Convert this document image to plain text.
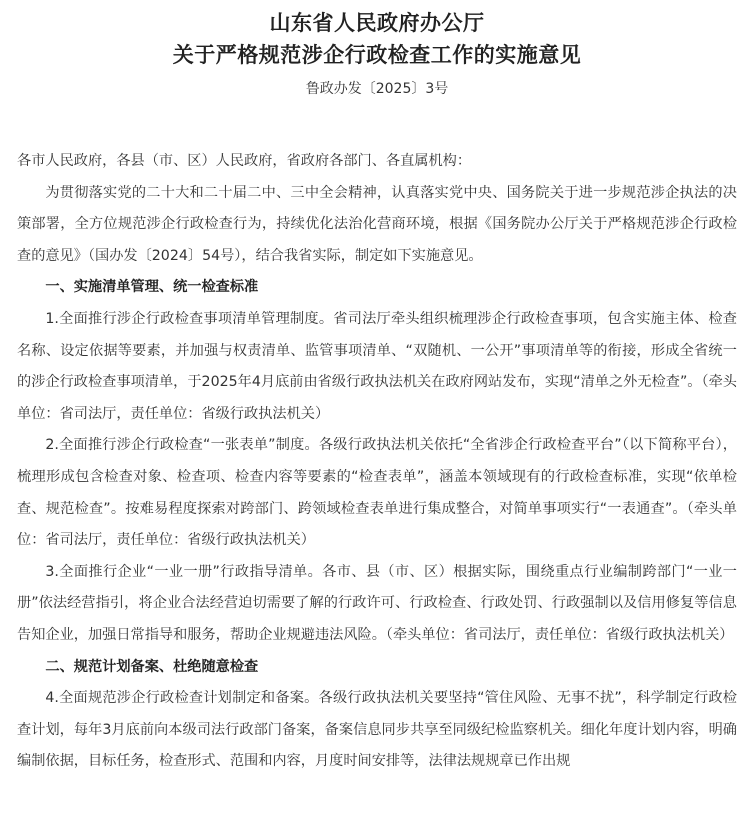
山东省人民政府办公厅
关于严格规范涉企行政检查工作的实施意见
鲁政办发〔2025〕3号

各市人民政府，各县（市、区）人民政府，省政府各部门、各直属机构：

为贯彻落实党的二十大和二十届二中、三中全会精神，认真落实党中央、国务院关于进一步规范涉企执法的决策部署，全方位规范涉企行政检查行为，持续优化法治化营商环境，根据《国务院办公厅关于严格规范涉企行政检查的意见》（国办发〔2024〕54号），结合我省实际，制定如下实施意见。

一、实施清单管理、统一检查标准

1.全面推行涉企行政检查事项清单管理制度。省司法厅牵头组织梳理涉企行政检查事项，包含实施主体、检查名称、设定依据等要素，并加强与权责清单、监管事项清单、“双随机、一公开”事项清单等的衔接，形成全省统一的涉企行政检查事项清单，于2025年4月底前由省级行政执法机关在政府网站发布，实现“清单之外无检查”。（牵头单位：省司法厅，责任单位：省级行政执法机关）

2.全面推行涉企行政检查“一张表单”制度。各级行政执法机关依托“全省涉企行政检查平台”（以下简称平台），梳理形成包含检查对象、检查项、检查内容等要素的“检查表单”，涵盖本领域现有的行政检查标准，实现“依单检查、规范检查”。按难易程度探索对跨部门、跨领域检查表单进行集成整合，对简单事项实行“一表通查”。（牵头单位：省司法厅，责任单位：省级行政执法机关）

3.全面推行企业“一业一册”行政指导清单。各市、县（市、区）根据实际，围绕重点行业编制跨部门“一业一册”依法经营指引，将企业合法经营迫切需要了解的行政许可、行政检查、行政处罚、行政强制以及信用修复等信息告知企业，加强日常指导和服务，帮助企业规避违法风险。（牵头单位：省司法厅，责任单位：省级行政执法机关）

二、规范计划备案、杜绝随意检查

4.全面规范涉企行政检查计划制定和备案。各级行政执法机关要坚持“管住风险、无事不扰”，科学制定行政检查计划，每年3月底前向本级司法行政部门备案，备案信息同步共享至同级纪检监察机关。细化年度计划内容，明确编制依据，目标任务，检查形式、范围和内容，月度时间安排等，法律法规规章已作出规
